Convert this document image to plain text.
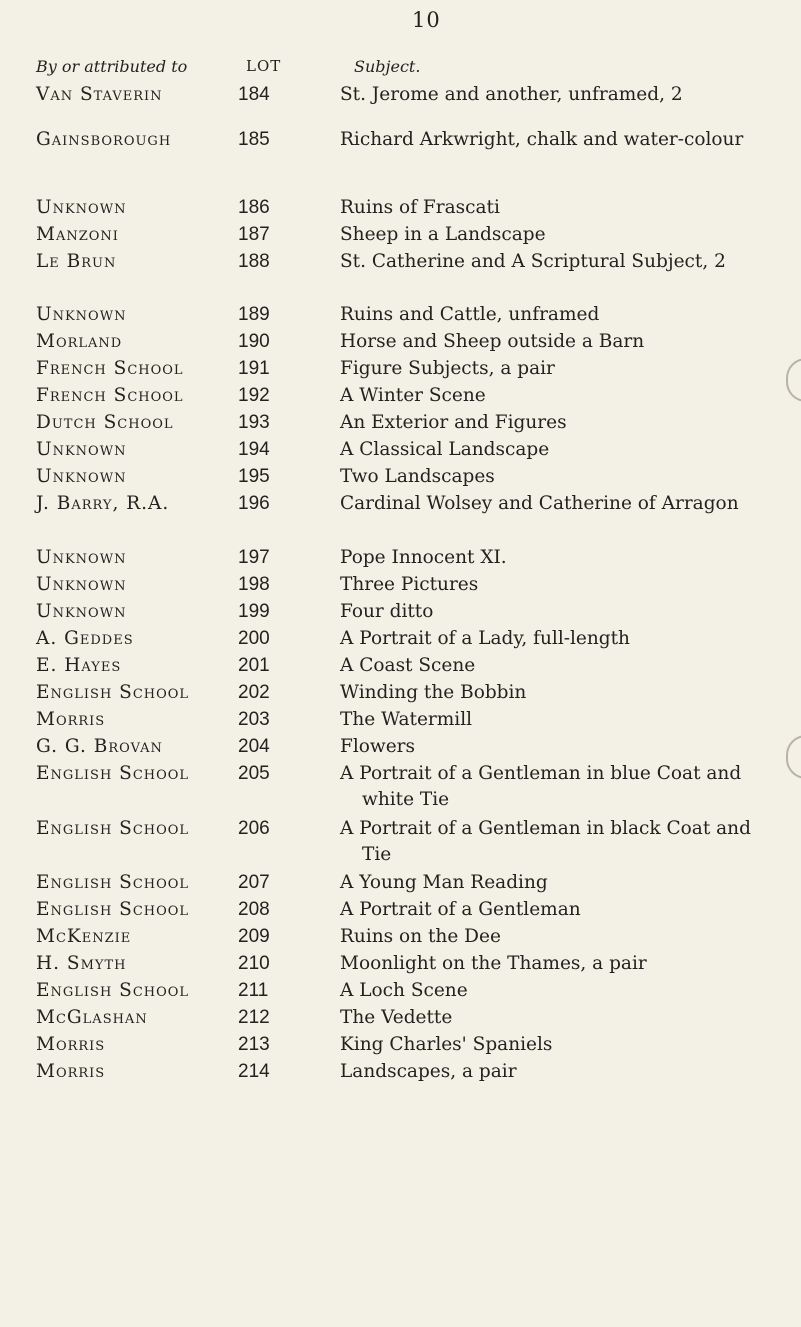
10
By or attributed to	LOT	Subject.
Van Staverin	184	St. Jerome and another, unframed, 2
Gainsborough	185	Richard Arkwright, chalk and water-colour
Unknown	186	Ruins of Frascati
Manzoni	187	Sheep in a Landscape
Le Brun	188	St. Catherine and A Scriptural Subject, 2
Unknown	189	Ruins and Cattle, unframed
Morland	190	Horse and Sheep outside a Barn
French School	191	Figure Subjects, a pair
French School	192	A Winter Scene
Dutch School	193	An Exterior and Figures
Unknown	194	A Classical Landscape
Unknown	195	Two Landscapes
J. Barry, R.A.	196	Cardinal Wolsey and Catherine of Arragon
Unknown	197	Pope Innocent XI.
Unknown	198	Three Pictures
Unknown	199	Four ditto
A. Geddes	200	A Portrait of a Lady, full-length
E. Hayes	201	A Coast Scene
English School	202	Winding the Bobbin
Morris	203	The Watermill
G. G. Brovan	204	Flowers
English School	205	A Portrait of a Gentleman in blue Coat and white Tie
English School	206	A Portrait of a Gentleman in black Coat and Tie
English School	207	A Young Man Reading
English School	208	A Portrait of a Gentleman
McKenzie	209	Ruins on the Dee
H. Smyth	210	Moonlight on the Thames, a pair
English School	211	A Loch Scene
McGlashan	212	The Vedette
Morris	213	King Charles' Spaniels
Morris	214	Landscapes, a pair
